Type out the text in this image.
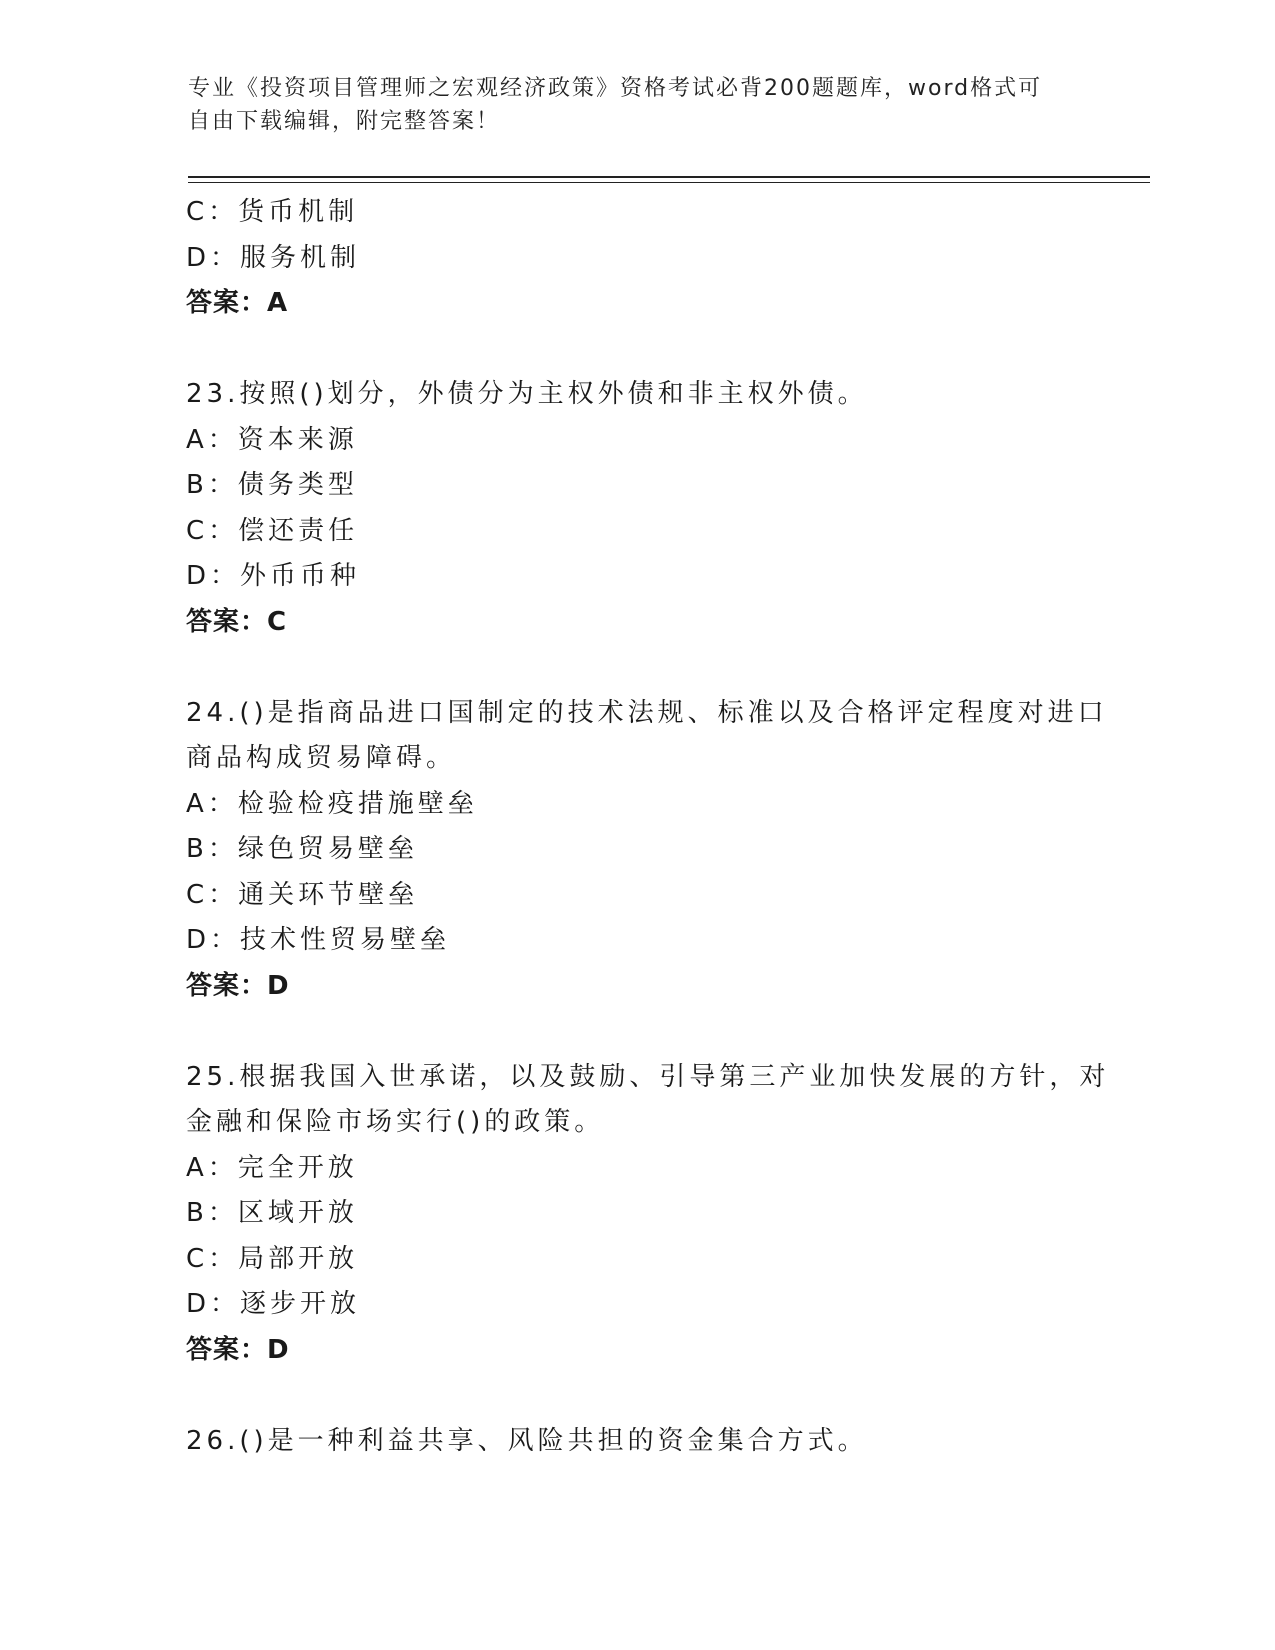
专业《投资项目管理师之宏观经济政策》资格考试必背200题题库，word格式可
自由下载编辑，附完整答案！
C：货币机制
D：服务机制
答案：A
23.按照()划分，外债分为主权外债和非主权外债。
A：资本来源
B：债务类型
C：偿还责任
D：外币币种
答案：C
24.()是指商品进口国制定的技术法规、标准以及合格评定程度对进口
商品构成贸易障碍。
A：检验检疫措施壁垒
B：绿色贸易壁垒
C：通关环节壁垒
D：技术性贸易壁垒
答案：D
25.根据我国入世承诺，以及鼓励、引导第三产业加快发展的方针，对
金融和保险市场实行()的政策。
A：完全开放
B：区域开放
C：局部开放
D：逐步开放
答案：D
26.()是一种利益共享、风险共担的资金集合方式。
